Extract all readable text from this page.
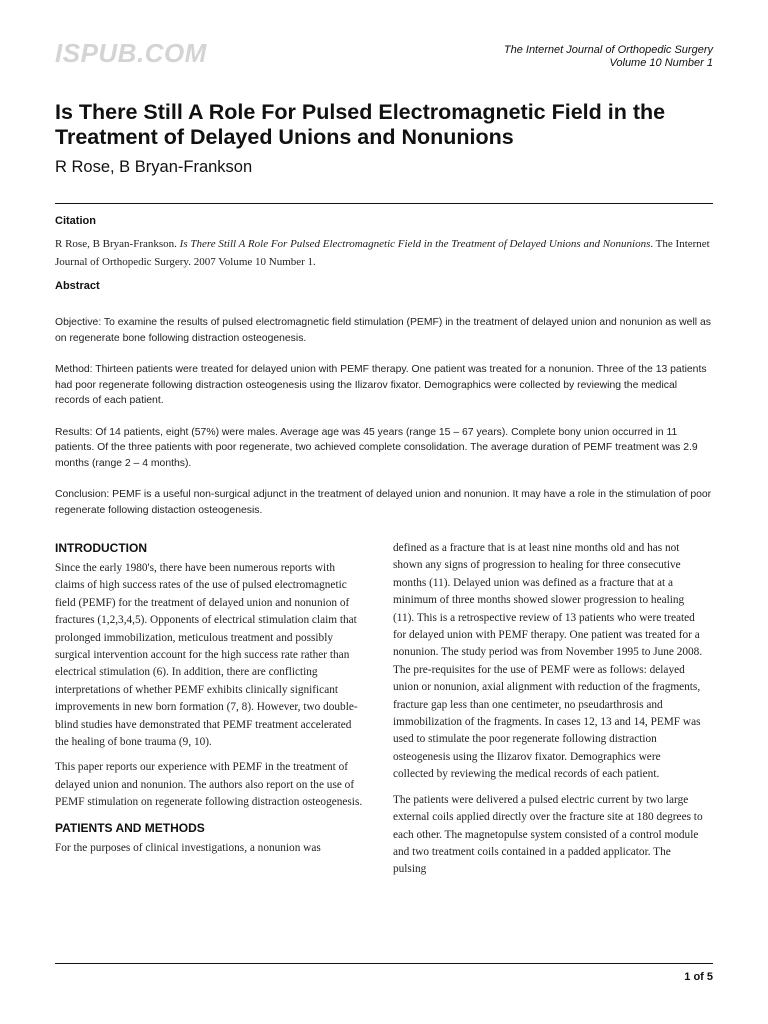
ISPUB.COM	The Internet Journal of Orthopedic Surgery
Volume 10 Number 1
Is There Still A Role For Pulsed Electromagnetic Field in the Treatment of Delayed Unions and Nonunions
R Rose, B Bryan-Frankson
Citation
R Rose, B Bryan-Frankson. Is There Still A Role For Pulsed Electromagnetic Field in the Treatment of Delayed Unions and Nonunions. The Internet Journal of Orthopedic Surgery. 2007 Volume 10 Number 1.
Abstract

Objective: To examine the results of pulsed electromagnetic field stimulation (PEMF) in the treatment of delayed union and nonunion as well as on regenerate bone following distraction osteogenesis.

Method: Thirteen patients were treated for delayed union with PEMF therapy. One patient was treated for a nonunion. Three of the 13 patients had poor regenerate following distraction osteogenesis using the Ilizarov fixator. Demographics were collected by reviewing the medical records of each patient.

Results: Of 14 patients, eight (57%) were males. Average age was 45 years (range 15 – 67 years). Complete bony union occurred in 11 patients. Of the three patients with poor regenerate, two achieved complete consolidation. The average duration of PEMF treatment was 2.9 months (range 2 – 4 months).

Conclusion: PEMF is a useful non-surgical adjunct in the treatment of delayed union and nonunion. It may have a role in the stimulation of poor regenerate following distaction osteogenesis.

INTRODUCTION

Since the early 1980's, there have been numerous reports with claims of high success rates of the use of pulsed electromagnetic field (PEMF) for the treatment of delayed union and nonunion of fractures (1,2,3,4,5). Opponents of electrical stimulation claim that prolonged immobilization, meticulous treatment and possibly surgical intervention account for the high success rate rather than electrical stimulation (6). In addition, there are conflicting interpretations of whether PEMF exhibits clinically significant improvements in new born formation (7, 8). However, two double-blind studies have demonstrated that PEMF treatment accelerated the healing of bone trauma (9, 10).

This paper reports our experience with PEMF in the treatment of delayed union and nonunion. The authors also report on the use of PEMF stimulation on regenerate following distraction osteogenesis.

PATIENTS AND METHODS

For the purposes of clinical investigations, a nonunion was

defined as a fracture that is at least nine months old and has not shown any signs of progression to healing for three consecutive months (11). Delayed union was defined as a fracture that at a minimum of three months showed slower progression to healing (11). This is a retrospective review of 13 patients who were treated for delayed union with PEMF therapy. One patient was treated for a nonunion. The study period was from November 1995 to June 2008. The pre-requisites for the use of PEMF were as follows: delayed union or nonunion, axial alignment with reduction of the fragments, fracture gap less than one centimeter, no pseudarthrosis and immobilization of the fragments. In cases 12, 13 and 14, PEMF was used to stimulate the poor regenerate following distraction osteogenesis using the Ilizarov fixator. Demographics were collected by reviewing the medical records of each patient.

The patients were delivered a pulsed electric current by two large external coils applied directly over the fracture site at 180 degrees to each other. The magnetopulse system consisted of a control module and two treatment coils contained in a padded applicator. The pulsing

1 of 5
